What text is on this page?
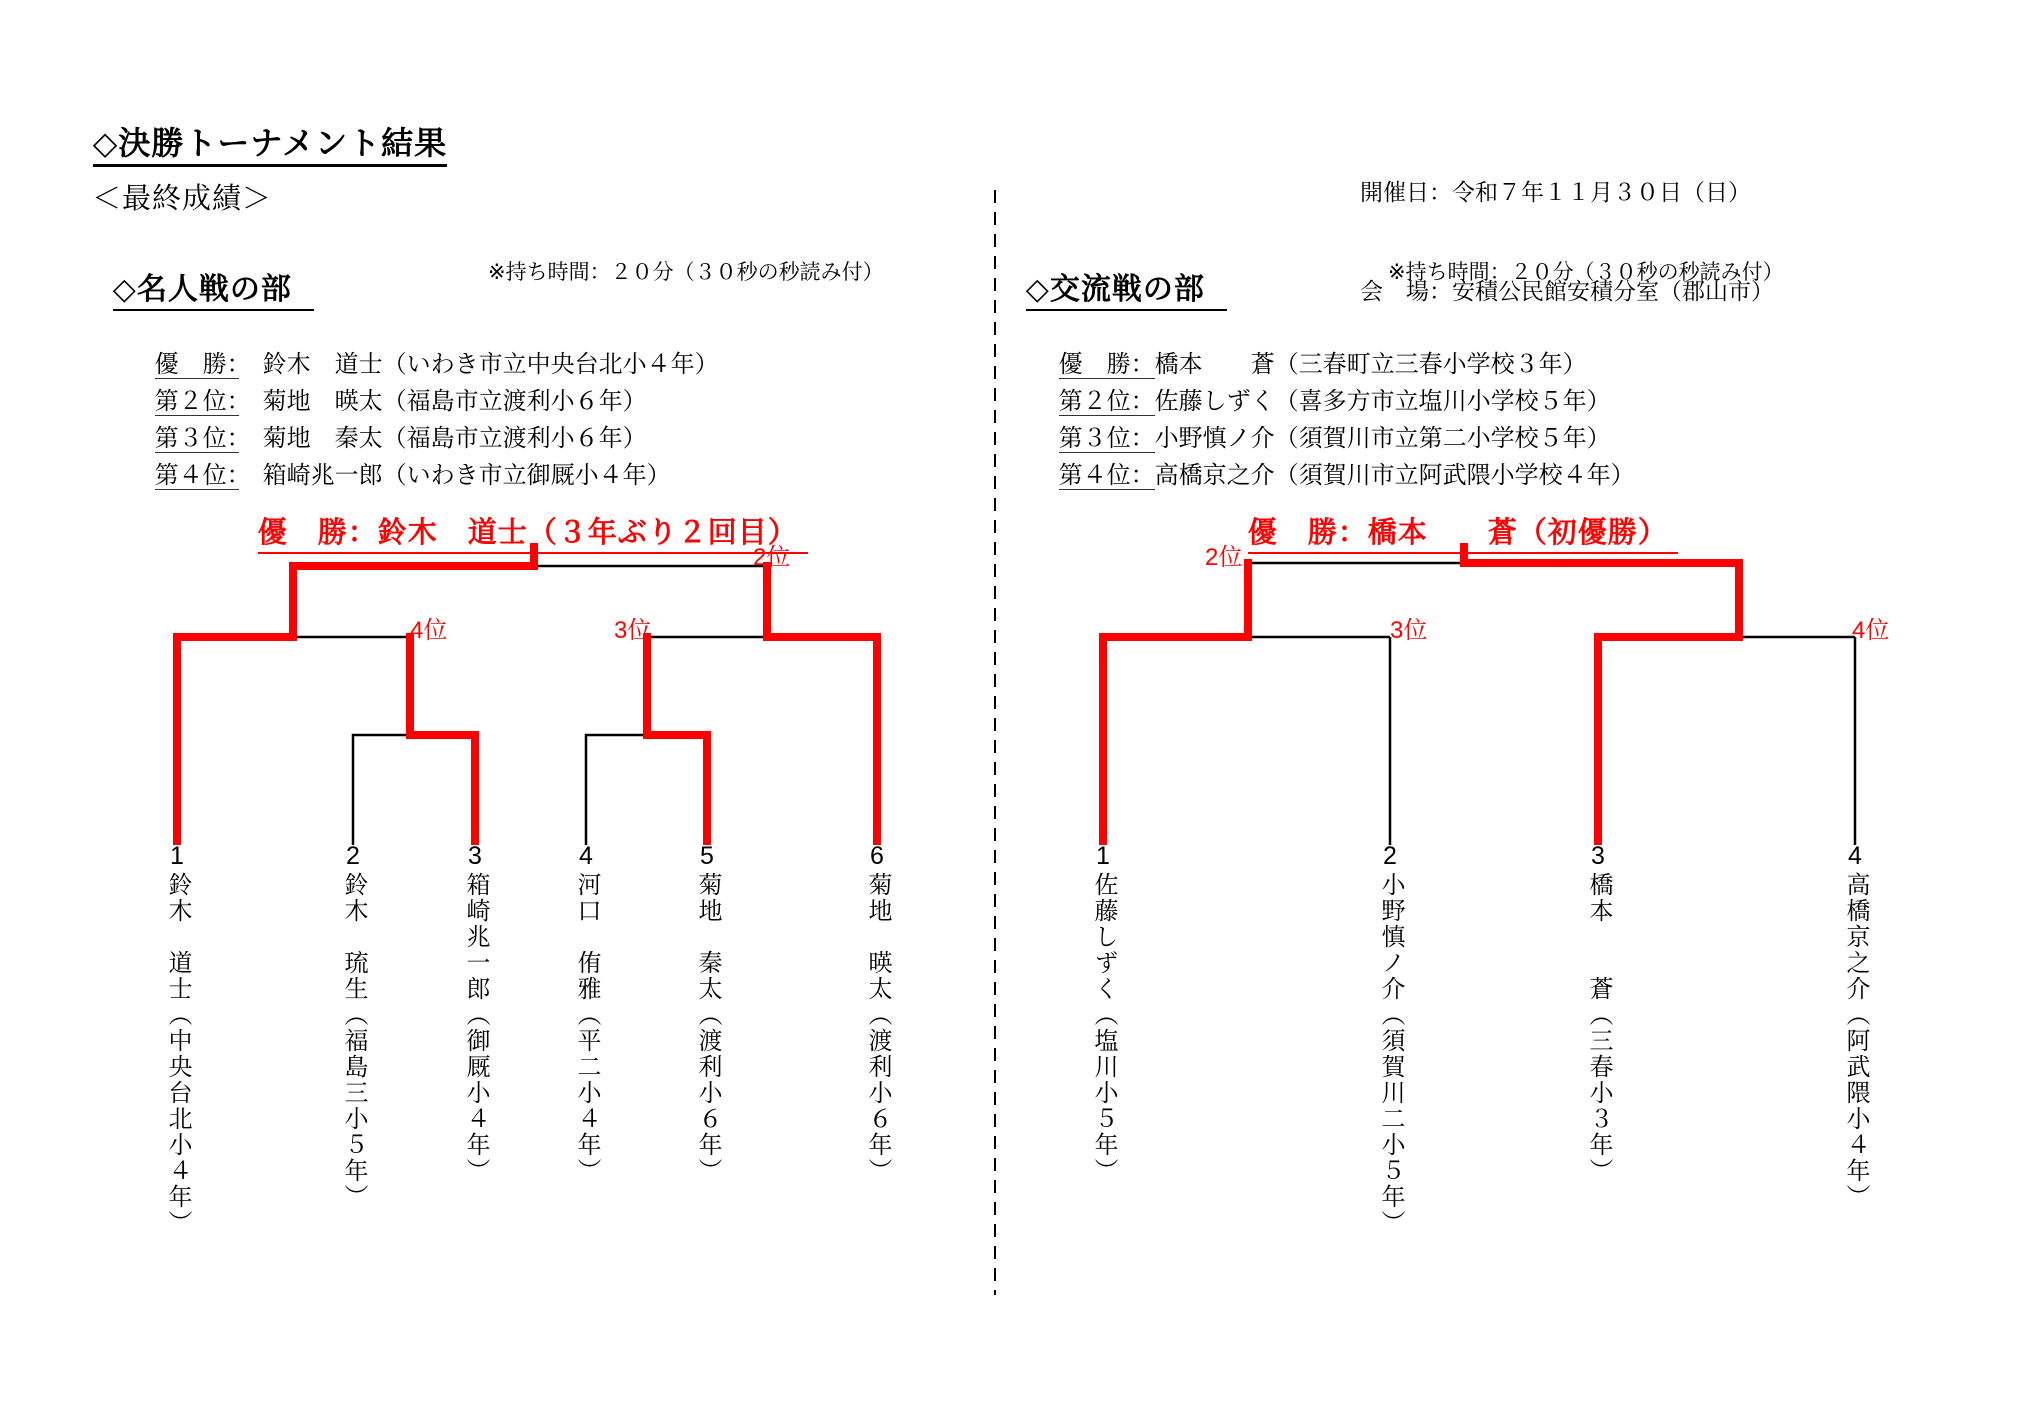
◇決勝トーナメント結果

開催日：令和７年１１月３０日（日）

会　場：安積公民館安積分室（郡山市）

＜最終成績＞

◇名人戦の部

※持ち時間：２０分（３０秒の秒読み付）

優　勝：　鈴木　道士（いわき市立中央台北小４年）

第２位：　菊地　暎太（福島市立渡利小６年）

第３位：　菊地　秦太（福島市立渡利小６年）

第４位：　箱崎兆一郎（いわき市立御厩小４年）

優　勝：鈴木　道士（３年ぶり２回目）

2位
4位	3位
1	2	3	4	5	6
鈴木　道士（中央台北小４年）	鈴木　琉生（福島三小５年）	箱崎兆一郎（御厩小４年）	河口　侑雅（平二小４年）	菊地　秦太（渡利小６年）	菊地　暎太（渡利小６年）

◇交流戦の部

※持ち時間：２０分（３０秒の秒読み付）

優　勝：橋本　　蒼（三春町立三春小学校３年）

第２位：佐藤しずく（喜多方市立塩川小学校５年）

第３位：小野慎ノ介（須賀川市立第二小学校５年）

第４位：高橋京之介（須賀川市立阿武隈小学校４年）

優　勝：橋本　　蒼（初優勝）

2位
3位	4位
1	2	3	4
佐藤しずく（塩川小５年）	小野慎ノ介（須賀川二小５年）	橋本　　蒼（三春小３年）	高橋京之介（阿武隈小４年）
